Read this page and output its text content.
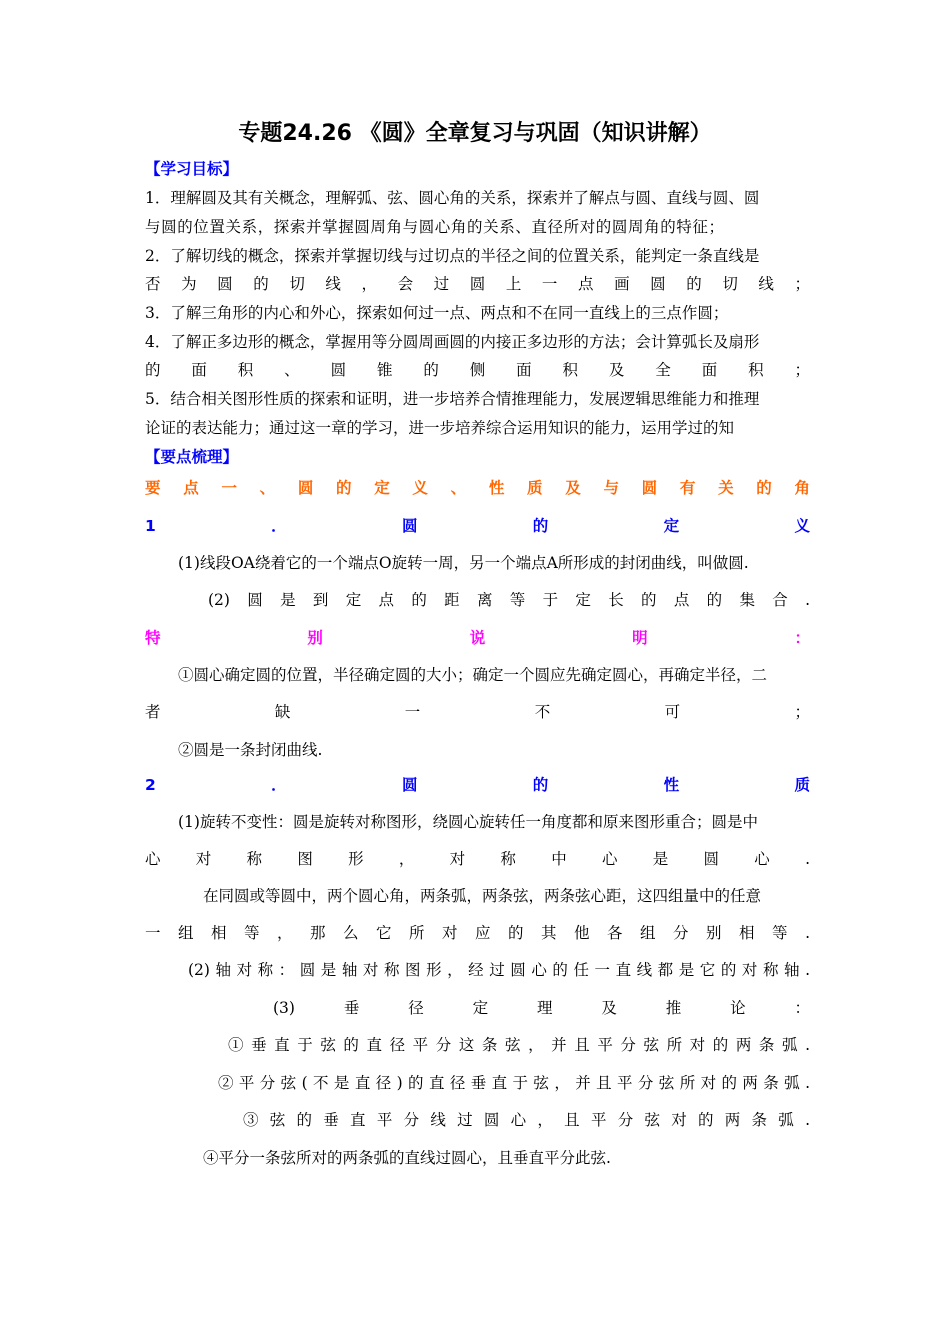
专题24.26 《圆》全章复习与巩固（知识讲解）
【学习目标】
1．理解圆及其有关概念，理解弧、弦、圆心角的关系，探索并了解点与圆、直线与圆、圆
与圆的位置关系，探索并掌握圆周角与圆心角的关系、直径所对的圆周角的特征；
2．了解切线的概念，探索并掌握切线与过切点的半径之间的位置关系，能判定一条直线是
否为圆的切线，会过圆上一点画圆的切线；
3．了解三角形的内心和外心，探索如何过一点、两点和不在同一直线上的三点作圆；
4．了解正多边形的概念，掌握用等分圆周画圆的内接正多边形的方法；会计算弧长及扇形
的面积、圆锥的侧面积及全面积；
5．结合相关图形性质的探索和证明，进一步培养合情推理能力，发展逻辑思维能力和推理
论证的表达能力；通过这一章的学习，进一步培养综合运用知识的能力，运用学过的知
【要点梳理】
要点一、圆的定义、性质及与圆有关的角
1．圆的定义
(1)线段OA绕着它的一个端点O旋转一周，另一个端点A所形成的封闭曲线，叫做圆.
(2)圆是到定点的距离等于定长的点的集合.
特别说明：
①圆心确定圆的位置，半径确定圆的大小；确定一个圆应先确定圆心，再确定半径，二
者缺一不可；
②圆是一条封闭曲线.
2．圆的性质
(1)旋转不变性：圆是旋转对称图形，绕圆心旋转任一角度都和原来图形重合；圆是中
心对称图形，对称中心是圆心.
在同圆或等圆中，两个圆心角，两条弧，两条弦，两条弦心距，这四组量中的任意
一组相等，那么它所对应的其他各组分别相等.
(2)轴对称：圆是轴对称图形，经过圆心的任一直线都是它的对称轴.
(3)垂径定理及推论：
①垂直于弦的直径平分这条弦，并且平分弦所对的两条弧.
②平分弦(不是直径)的直径垂直于弦，并且平分弦所对的两条弧.
③弦的垂直平分线过圆心，且平分弦对的两条弧.
④平分一条弦所对的两条弧的直线过圆心，且垂直平分此弦.
